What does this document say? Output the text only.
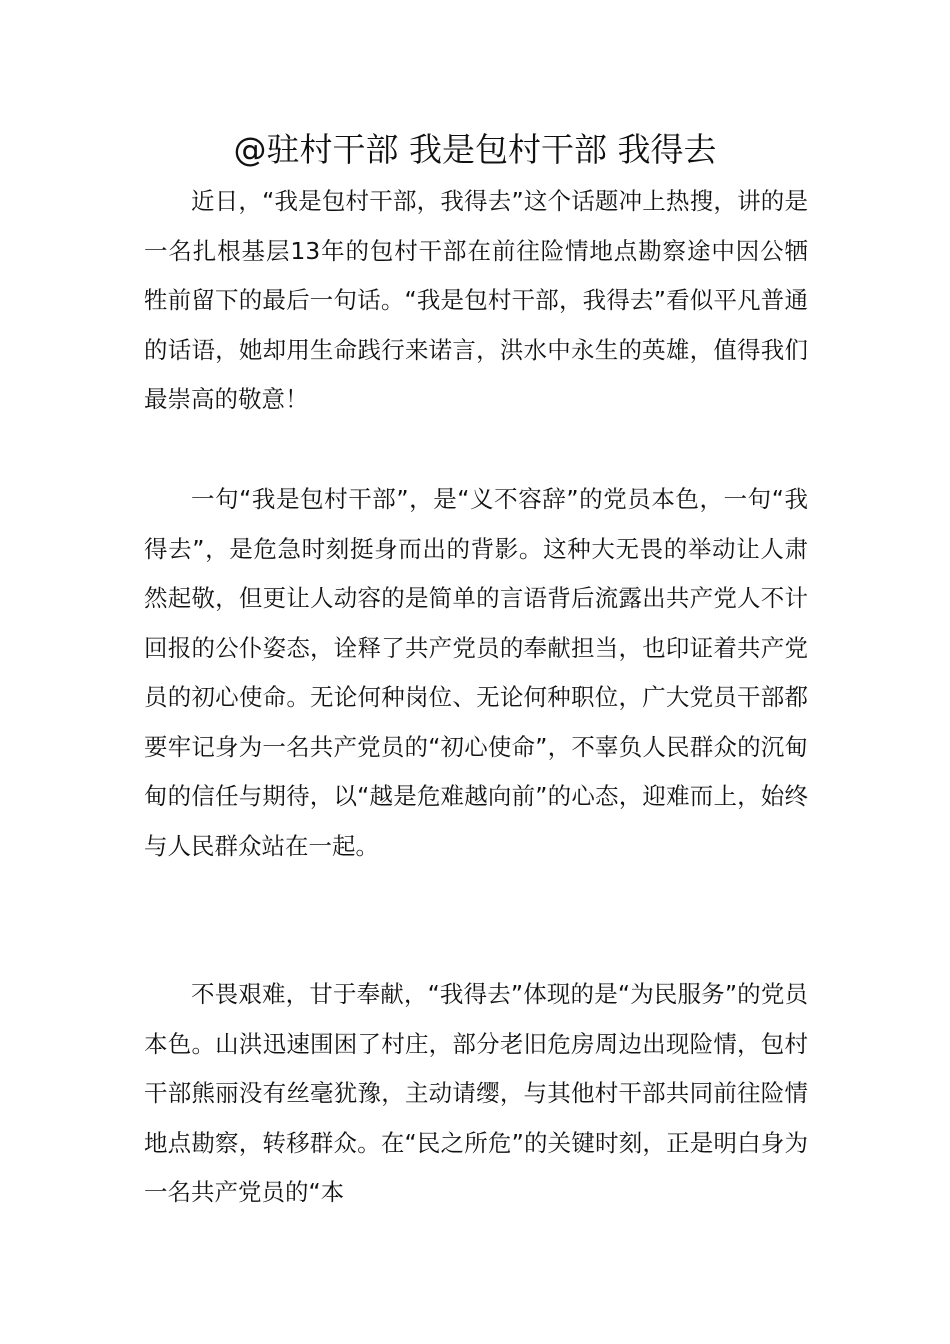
@驻村干部 我是包村干部 我得去

近日，“我是包村干部，我得去”这个话题冲上热搜，讲的是一名扎根基层13年的包村干部在前往险情地点勘察途中因公牺牲前留下的最后一句话。“我是包村干部，我得去”看似平凡普通的话语，她却用生命践行来诺言，洪水中永生的英雄，值得我们最崇高的敬意！

一句“我是包村干部”，是“义不容辞”的党员本色，一句“我得去”，是危急时刻挺身而出的背影。这种大无畏的举动让人肃然起敬，但更让人动容的是简单的言语背后流露出共产党人不计回报的公仆姿态，诠释了共产党员的奉献担当，也印证着共产党员的初心使命。无论何种岗位、无论何种职位，广大党员干部都要牢记身为一名共产党员的“初心使命”，不辜负人民群众的沉甸甸的信任与期待，以“越是危难越向前”的心态，迎难而上，始终与人民群众站在一起。

不畏艰难，甘于奉献，“我得去”体现的是“为民服务”的党员本色。山洪迅速围困了村庄，部分老旧危房周边出现险情，包村干部熊丽没有丝毫犹豫，主动请缨，与其他村干部共同前往险情地点勘察，转移群众。在“民之所危”的关键时刻，正是明白身为一名共产党员的“本
